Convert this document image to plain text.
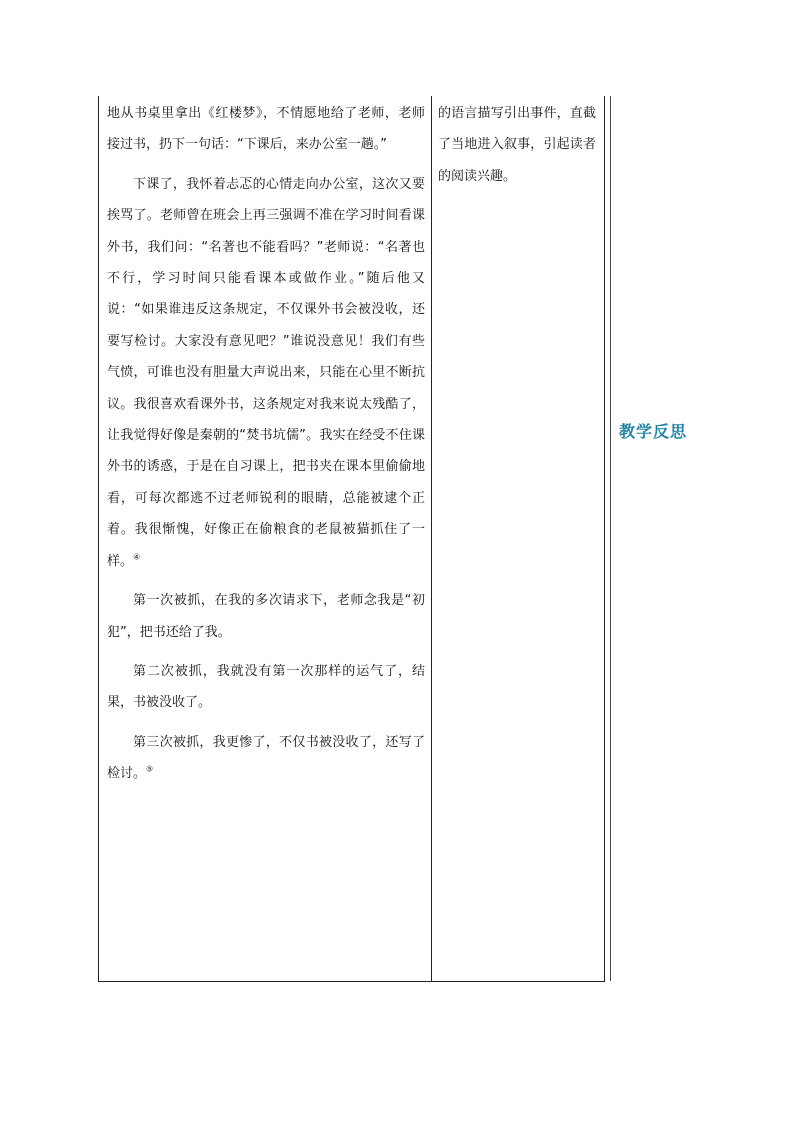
地从书桌里拿出《红楼梦》，不情愿地给了老师，老师接过书，扔下一句话：“下课后，来办公室一趟。”

下课了，我怀着忐忑的心情走向办公室，这次又要挨骂了。老师曾在班会上再三强调不准在学习时间看课外书，我们问：“名著也不能看吗？”老师说：“名著也不行，学习时间只能看课本或做作业。”随后他又说：“如果谁违反这条规定，不仅课外书会被没收，还要写检讨。大家没有意见吧？”谁说没意见！我们有些气愤，可谁也没有胆量大声说出来，只能在心里不断抗议。我很喜欢看课外书，这条规定对我来说太残酷了，让我觉得好像是秦朝的“焚书坑儒”。我实在经受不住课外书的诱惑，于是在自习课上，把书夹在课本里偷偷地看，可每次都逃不过老师锐利的眼睛，总能被逮个正着。我很惭愧，好像正在偷粮食的老鼠被猫抓住了一样。④

第一次被抓，在我的多次请求下，老师念我是“初犯”，把书还给了我。

第二次被抓，我就没有第一次那样的运气了，结果，书被没收了。

第三次被抓，我更惨了，不仅书被没收了，还写了检讨。⑤

的语言描写引出事件，直截了当地进入叙事，引起读者的阅读兴趣。

教学反思
